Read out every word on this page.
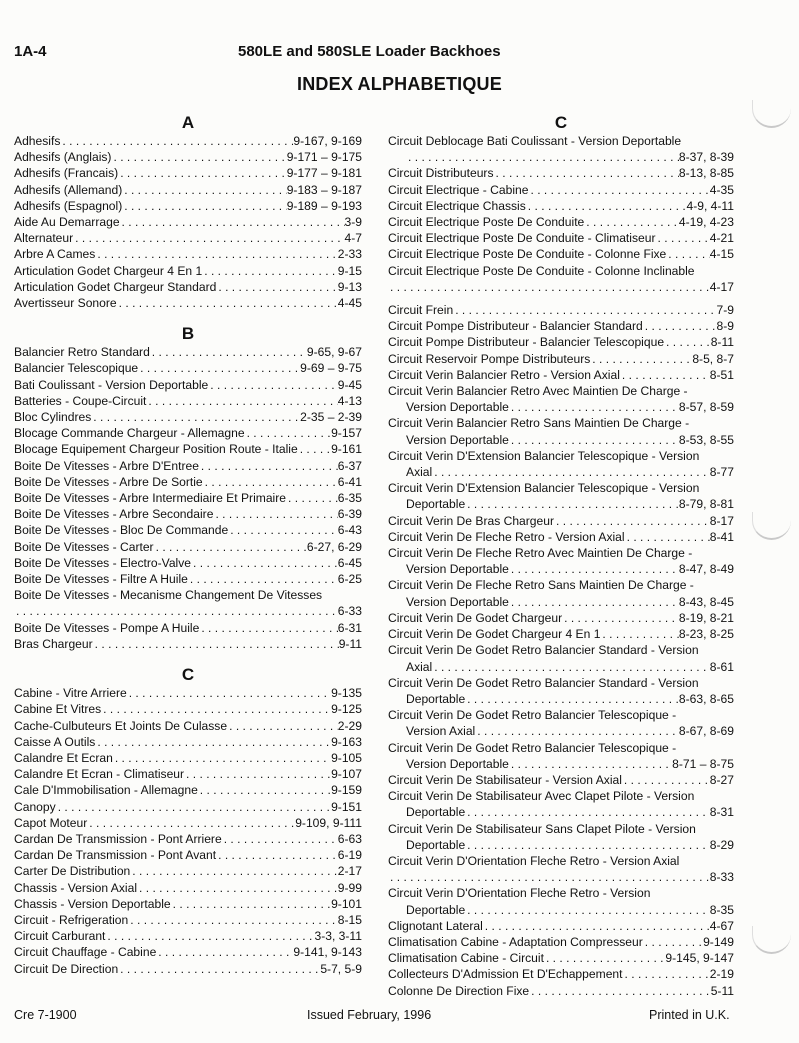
1A-4	580LE and 580SLE Loader Backhoes
INDEX ALPHABETIQUE
A
Adhesifs . . .	9-167, 9-169
Adhesifs (Anglais) . . .	9-171 – 9-175
Adhesifs (Francais) . . .	9-177 – 9-181
Adhesifs (Allemand) . . .	9-183 – 9-187
Adhesifs (Espagnol) . . .	9-189 – 9-193
Aide Au Demarrage . . .	3-9
Alternateur . . .	4-7
Arbre A Cames . . .	2-33
Articulation Godet Chargeur 4 En 1 . . .	9-15
Articulation Godet Chargeur Standard . . .	9-13
Avertisseur Sonore . . .	4-45
B
Balancier Retro Standard . . .	9-65, 9-67
Balancier Telescopique . . .	9-69 – 9-75
Bati Coulissant - Version Deportable . . .	9-45
Batteries - Coupe-Circuit . . .	4-13
Bloc Cylindres . . .	2-35 – 2-39
Blocage Commande Chargeur - Allemagne . . .	9-157
Blocage Equipement Chargeur Position Route - Italie . . .	9-161
Boite De Vitesses - Arbre D'Entree . . .	6-37
Boite De Vitesses - Arbre De Sortie . . .	6-41
Boite De Vitesses - Arbre Intermediaire Et Primaire . . .	6-35
Boite De Vitesses - Arbre Secondaire . . .	6-39
Boite De Vitesses - Bloc De Commande . . .	6-43
Boite De Vitesses - Carter . . .	6-27, 6-29
Boite De Vitesses - Electro-Valve . . .	6-45
Boite De Vitesses - Filtre A Huile . . .	6-25
Boite De Vitesses - Mecanisme Changement De Vitesses
. . .
6-33
Boite De Vitesses - Pompe A Huile . . .	6-31
Bras Chargeur . . .	9-11
C
Cabine - Vitre Arriere . . .	9-135
Cabine Et Vitres . . .	9-125
Cache-Culbuteurs Et Joints De Culasse . . .	2-29
Caisse A Outils . . .	9-163
Calandre Et Ecran . . .	9-105
Calandre Et Ecran - Climatiseur . . .	9-107
Cale D'Immobilisation - Allemagne . . .	9-159
Canopy . . .	9-151
Capot Moteur . . .	9-109, 9-111
Cardan De Transmission - Pont Arriere . . .	6-63
Cardan De Transmission - Pont Avant . . .	6-19
Carter De Distribution . . .	2-17
Chassis - Version Axial . . .	9-99
Chassis - Version Deportable . . .	9-101
Circuit - Refrigeration . . .	8-15
Circuit Carburant . . .	3-3, 3-11
Circuit Chauffage - Cabine . . .	9-141, 9-143
Circuit De Direction . . .	5-7, 5-9
C
Circuit Deblocage Bati Coulissant - Version Deportable
. . .
8-37, 8-39
Circuit Distributeurs . . .	8-13, 8-85
Circuit Electrique - Cabine . . .	4-35
Circuit Electrique Chassis . . .	4-9, 4-11
Circuit Electrique Poste De Conduite . . .	4-19, 4-23
Circuit Electrique Poste De Conduite - Climatiseur . . .	4-21
Circuit Electrique Poste De Conduite - Colonne Fixe . . .	4-15
Circuit Electrique Poste De Conduite - Colonne Inclinable
. . .
4-17
Circuit Frein . . .	7-9
Circuit Pompe Distributeur - Balancier Standard . . .	8-9
Circuit Pompe Distributeur - Balancier Telescopique . . .	8-11
Circuit Reservoir Pompe Distributeurs . . .	8-5, 8-7
Circuit Verin Balancier Retro - Version Axial . . .	8-51
Circuit Verin Balancier Retro Avec Maintien De Charge -
Version Deportable . . .	8-57, 8-59
Circuit Verin Balancier Retro Sans Maintien De Charge -
Version Deportable . . .	8-53, 8-55
Circuit Verin D'Extension Balancier Telescopique - Version
Axial . . .	8-77
Circuit Verin D'Extension Balancier Telescopique - Version
Deportable . . .	8-79, 8-81
Circuit Verin De Bras Chargeur . . .	8-17
Circuit Verin De Fleche Retro - Version Axial . . .	8-41
Circuit Verin De Fleche Retro Avec Maintien De Charge -
Version Deportable . . .	8-47, 8-49
Circuit Verin De Fleche Retro Sans Maintien De Charge -
Version Deportable . . .	8-43, 8-45
Circuit Verin De Godet Chargeur . . .	8-19, 8-21
Circuit Verin De Godet Chargeur 4 En 1 . . .	8-23, 8-25
Circuit Verin De Godet Retro Balancier Standard - Version
Axial . . .	8-61
Circuit Verin De Godet Retro Balancier Standard - Version
Deportable . . .	8-63, 8-65
Circuit Verin De Godet Retro Balancier Telescopique -
Version Axial . . .	8-67, 8-69
Circuit Verin De Godet Retro Balancier Telescopique -
Version Deportable . . .	8-71 – 8-75
Circuit Verin De Stabilisateur - Version Axial . . .	8-27
Circuit Verin De Stabilisateur Avec Clapet Pilote - Version
Deportable . . .	8-31
Circuit Verin De Stabilisateur Sans Clapet Pilote - Version
Deportable . . .	8-29
Circuit Verin D'Orientation Fleche Retro - Version Axial
. . .
8-33
Circuit Verin D'Orientation Fleche Retro - Version
Deportable . . .	8-35
Clignotant Lateral . . .	4-67
Climatisation Cabine - Adaptation Compresseur . . .	9-149
Climatisation Cabine - Circuit . . .	9-145, 9-147
Collecteurs D'Admission Et D'Echappement . . .	2-19
Colonne De Direction Fixe . . .	5-11
Cre 7-1900	Issued February, 1996	Printed in U.K.
